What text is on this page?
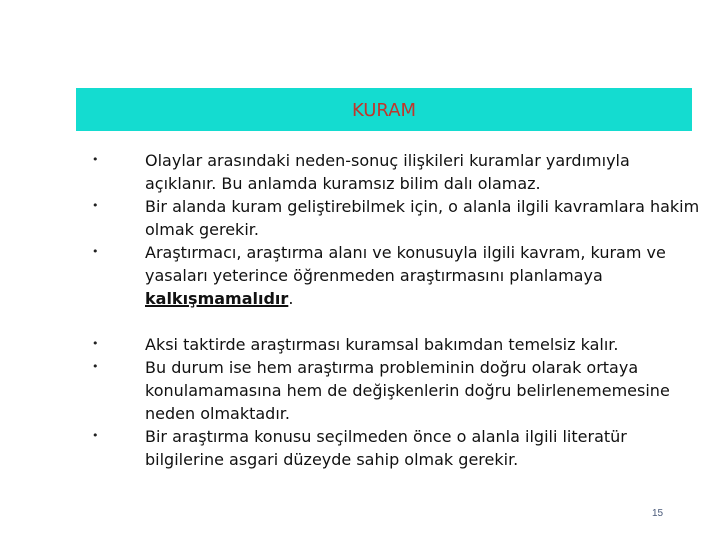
KURAM
•
•
•
•
•
•
Olaylar arasındaki neden-sonuç ilişkileri kuramlar yardımıyla açıklanır. Bu anlamda kuramsız bilim dalı olamaz.
Bir alanda kuram geliştirebilmek için, o alanla ilgili kavramlara hakim olmak gerekir.
Araştırmacı, araştırma alanı ve konusuyla ilgili kavram, kuram ve yasaları yeterince öğrenmeden araştırmasını planlamaya kalkışmamalıdır.
Aksi taktirde araştırması kuramsal bakımdan temelsiz kalır.
Bu durum ise hem araştırma probleminin doğru olarak ortaya konulamamasına hem de değişkenlerin doğru belirlenememesine neden olmaktadır.
Bir araştırma konusu seçilmeden önce o alanla ilgili literatür bilgilerine asgari düzeyde sahip olmak gerekir.
15
